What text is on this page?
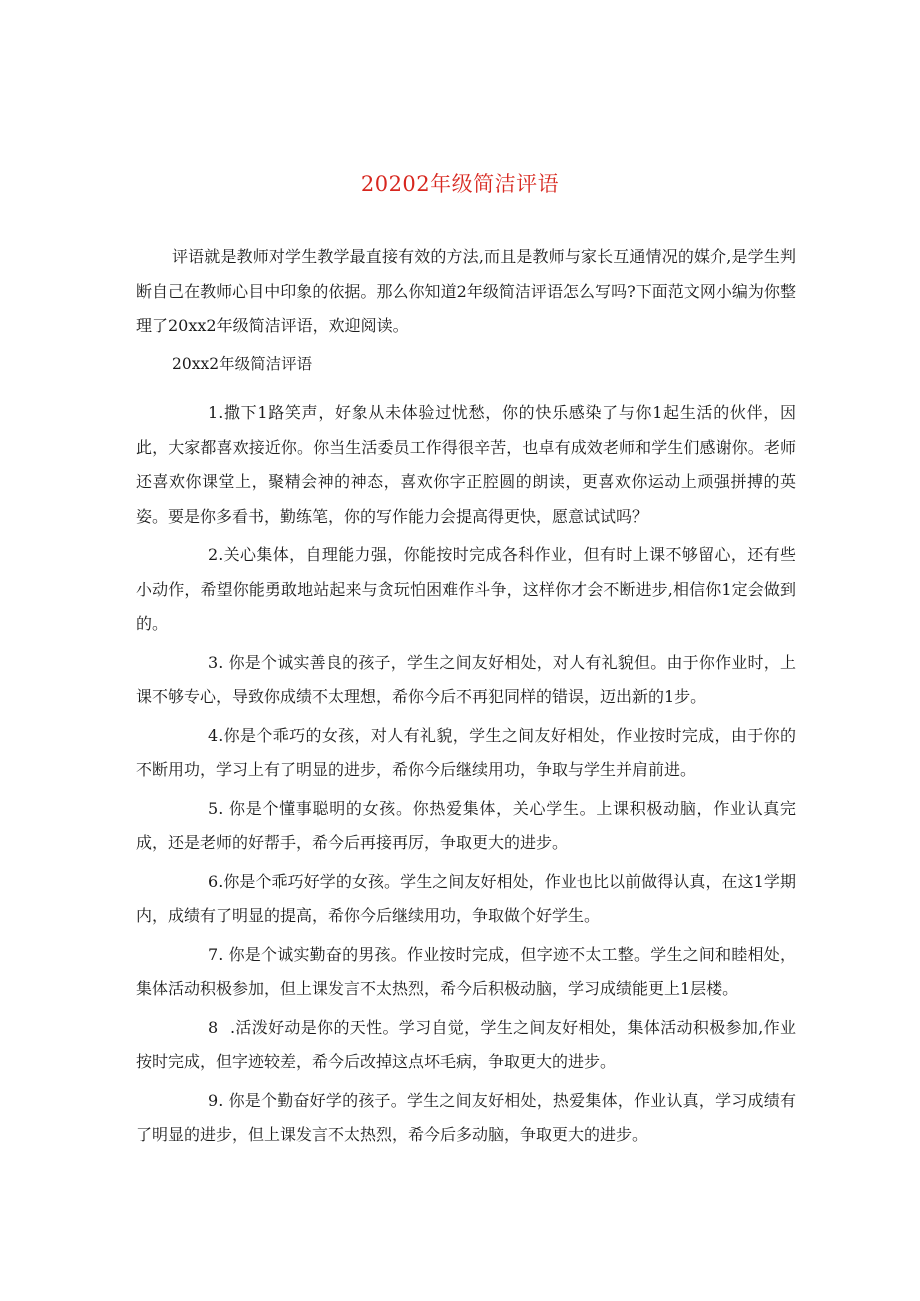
20202年级简洁评语

评语就是教师对学生教学最直接有效的方法,而且是教师与家长互通情况的媒介,是学生判断自己在教师心目中印象的依据。那么你知道2年级简洁评语怎么写吗?下面范文网小编为你整理了20xx2年级简洁评语，欢迎阅读。

20xx2年级简洁评语

1.撒下1路笑声，好象从未体验过忧愁，你的快乐感染了与你1起生活的伙伴，因此，大家都喜欢接近你。你当生活委员工作得很辛苦，也卓有成效老师和学生们感谢你。老师还喜欢你课堂上，聚精会神的神态，喜欢你字正腔圆的朗读，更喜欢你运动上顽强拼搏的英姿。要是你多看书，勤练笔，你的写作能力会提高得更快，愿意试试吗？

2.关心集体，自理能力强，你能按时完成各科作业，但有时上课不够留心，还有些小动作，希望你能勇敢地站起来与贪玩怕困难作斗争，这样你才会不断进步,相信你1定会做到的。

3. 你是个诚实善良的孩子，学生之间友好相处，对人有礼貌但。由于你作业时，上课不够专心，导致你成绩不太理想，希你今后不再犯同样的错误，迈出新的1步。

4.你是个乖巧的女孩，对人有礼貌，学生之间友好相处，作业按时完成，由于你的不断用功，学习上有了明显的进步，希你今后继续用功，争取与学生并肩前进。

5. 你是个懂事聪明的女孩。你热爱集体，关心学生。上课积极动脑，作业认真完成，还是老师的好帮手，希今后再接再厉，争取更大的进步。

6.你是个乖巧好学的女孩。学生之间友好相处，作业也比以前做得认真，在这1学期内，成绩有了明显的提高，希你今后继续用功，争取做个好学生。

7. 你是个诚实勤奋的男孩。作业按时完成，但字迹不太工整。学生之间和睦相处，集体活动积极参加，但上课发言不太热烈，希今后积极动脑，学习成绩能更上1层楼。

8 .活泼好动是你的天性。学习自觉，学生之间友好相处，集体活动积极参加,作业按时完成，但字迹较差，希今后改掉这点坏毛病，争取更大的进步。

9. 你是个勤奋好学的孩子。学生之间友好相处，热爱集体，作业认真，学习成绩有了明显的进步，但上课发言不太热烈，希今后多动脑，争取更大的进步。
